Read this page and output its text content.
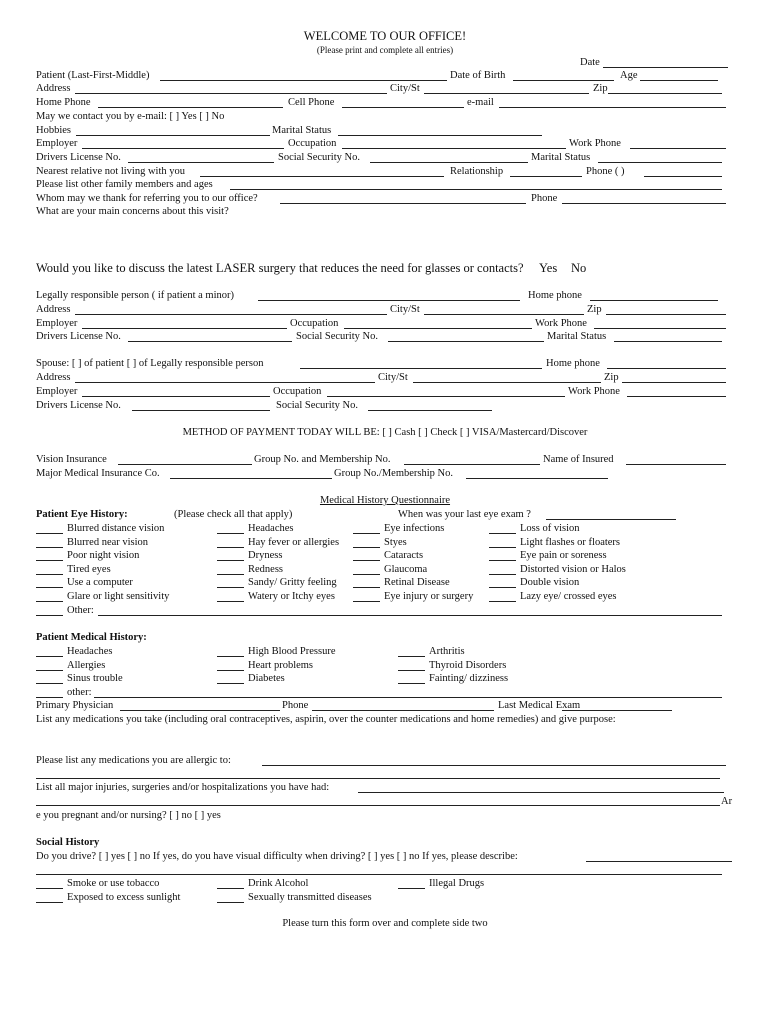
WELCOME TO OUR OFFICE!
(Please print and complete all entries)
Date
Patient (Last-First-Middle)	Date of Birth	Age
Address	City/St	Zip
Home Phone	Cell Phone	e-mail
May we contact you by e-mail: [ ] Yes [ ] No
Hobbies	Marital Status
Employer	Occupation	Work Phone
Drivers License No.	Social Security No.	Marital Status
Nearest relative not living with you	Relationship	Phone ( )
Please list other family members and ages
Whom may we thank for referring you to our office?	Phone
What are your main concerns about this visit?
Would you like to discuss the latest LASER surgery that reduces the need for glasses or contacts? Yes No
Legally responsible person ( if patient a minor)	Home phone
Address	City/St	Zip
Employer	Occupation	Work Phone
Drivers License No.	Social Security No.	Marital Status
Spouse: [ ] of patient [ ] of Legally responsible person	Home phone
Address	City/St	Zip
Employer	Occupation	Work Phone
Drivers License No.	Social Security No.
METHOD OF PAYMENT TODAY WILL BE: [ ] Cash [ ] Check [ ] VISA/Mastercard/Discover
Vision Insurance	Group No. and Membership No.	Name of Insured
Major Medical Insurance Co.	Group No./Membership No.
Medical History Questionnaire
Patient Eye History:	(Please check all that apply)	When was your last eye exam ?
Blurred distance vision
Blurred near vision
Poor night vision
Tired eyes
Use a computer
Glare or light sensitivity
Other:
Headaches
Hay fever or allergies
Dryness
Redness
Sandy/ Gritty feeling
Watery or Itchy eyes
Eye infections
Styes
Cataracts
Glaucoma
Retinal Disease
Eye injury or surgery
Loss of vision
Light flashes or floaters
Eye pain or soreness
Distorted vision or Halos
Double vision
Lazy eye/ crossed eyes
Patient Medical History:
Headaches
Allergies
Sinus trouble
other:
High Blood Pressure
Heart problems
Diabetes
Arthritis
Thyroid Disorders
Fainting/ dizziness
Primary Physician	Phone	Last Medical Exam
List any medications you take (including oral contraceptives, aspirin, over the counter medications and home remedies) and give purpose:
Please list any medications you are allergic to:
List all major injuries, surgeries and/or hospitalizations you have had:
Ar
e you pregnant and/or nursing? [ ] no [ ] yes
Social History
Do you drive? [ ] yes [ ] no If yes, do you have visual difficulty when driving? [ ] yes [ ] no If yes, please describe:
Smoke or use tobacco
Exposed to excess sunlight
Drink Alcohol
Sexually transmitted diseases
Illegal Drugs
Please turn this form over and complete side two
